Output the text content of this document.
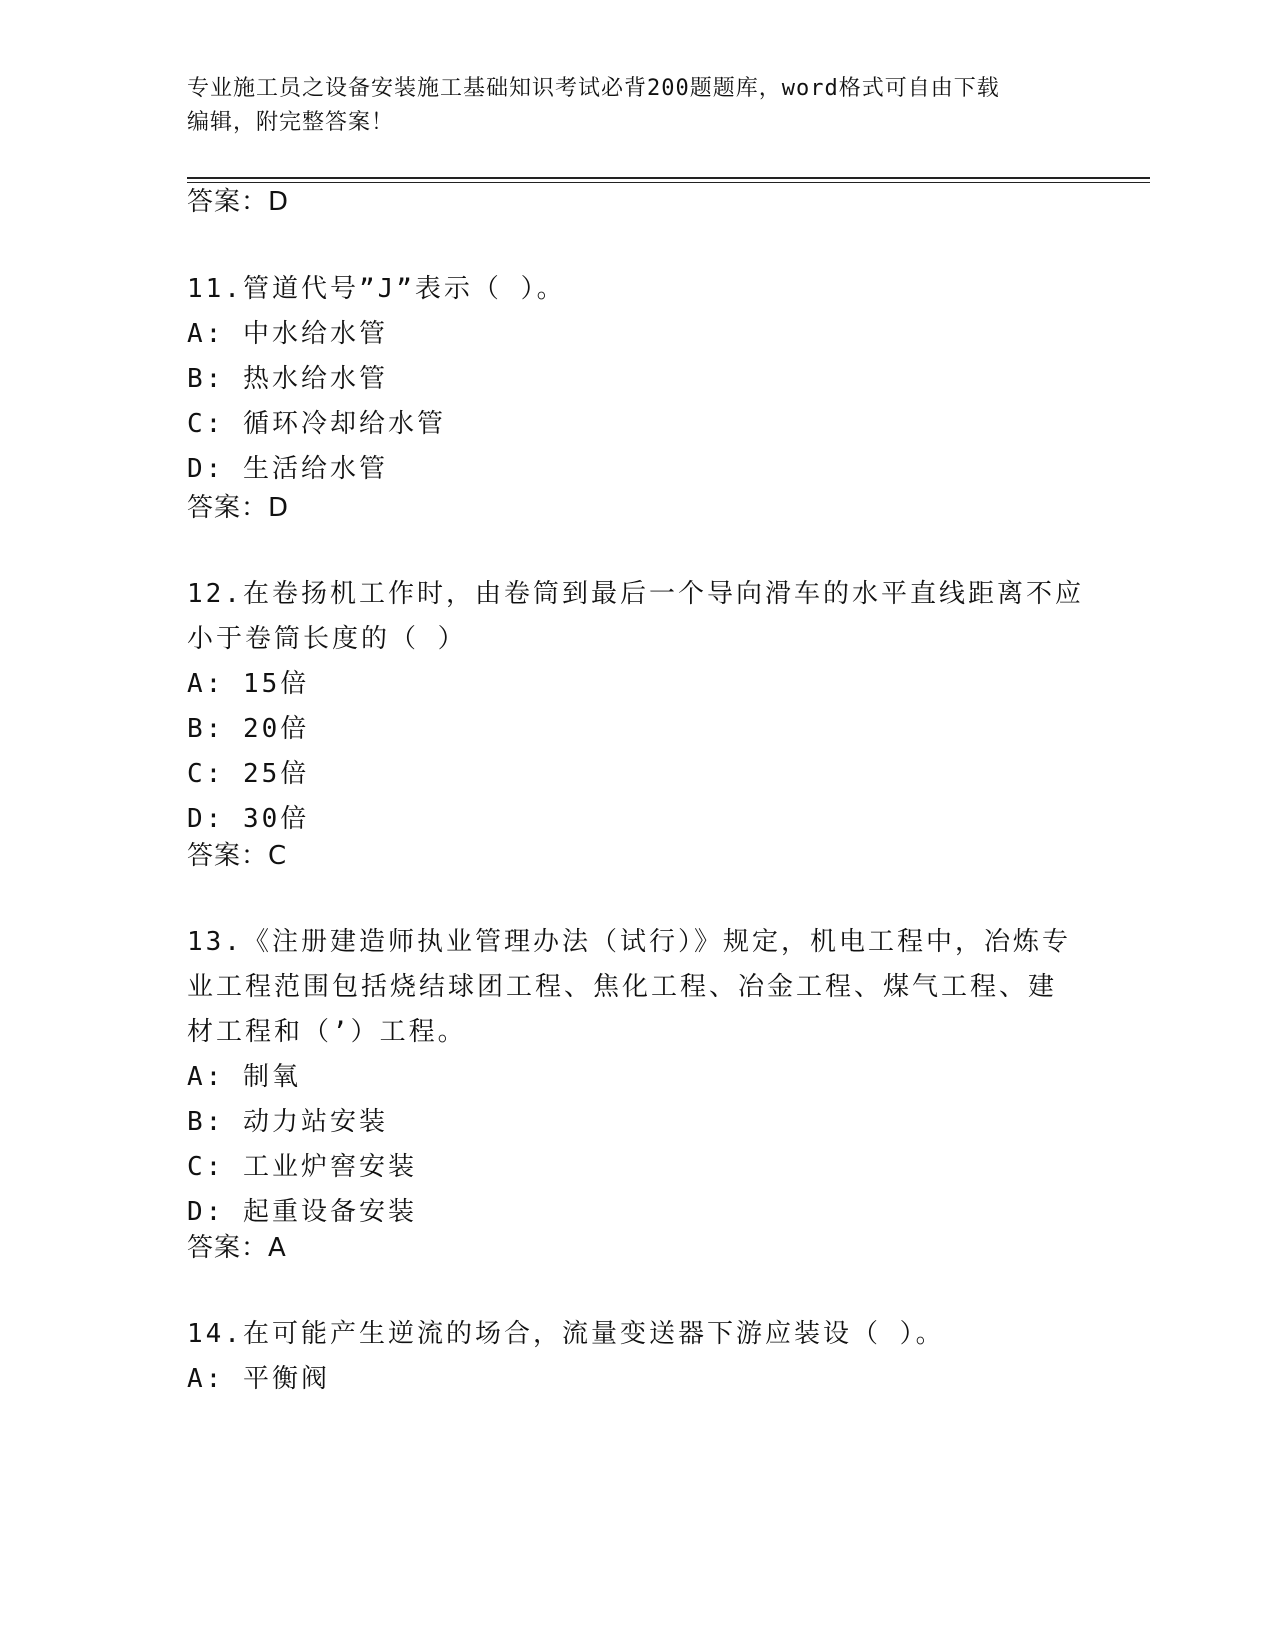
专业施工员之设备安装施工基础知识考试必背200题题库，word格式可自由下载
编辑，附完整答案！
答案：D

11.管道代号”J”表示（ ）。

A: 中水给水管

B: 热水给水管

C: 循环冷却给水管

D: 生活给水管

答案：D

12.在卷扬机工作时，由卷筒到最后一个导向滑车的水平直线距离不应

小于卷筒长度的（ ）

A: 15倍

B: 20倍

C: 25倍

D: 30倍

答案：C

13.《注册建造师执业管理办法（试行）》规定，机电工程中，冶炼专

业工程范围包括烧结球团工程、焦化工程、冶金工程、煤气工程、建

材工程和（’）工程。

A: 制氧

B: 动力站安装

C: 工业炉窖安装

D: 起重设备安装

答案：A

14.在可能产生逆流的场合，流量变送器下游应装设（ ）。

A: 平衡阀
